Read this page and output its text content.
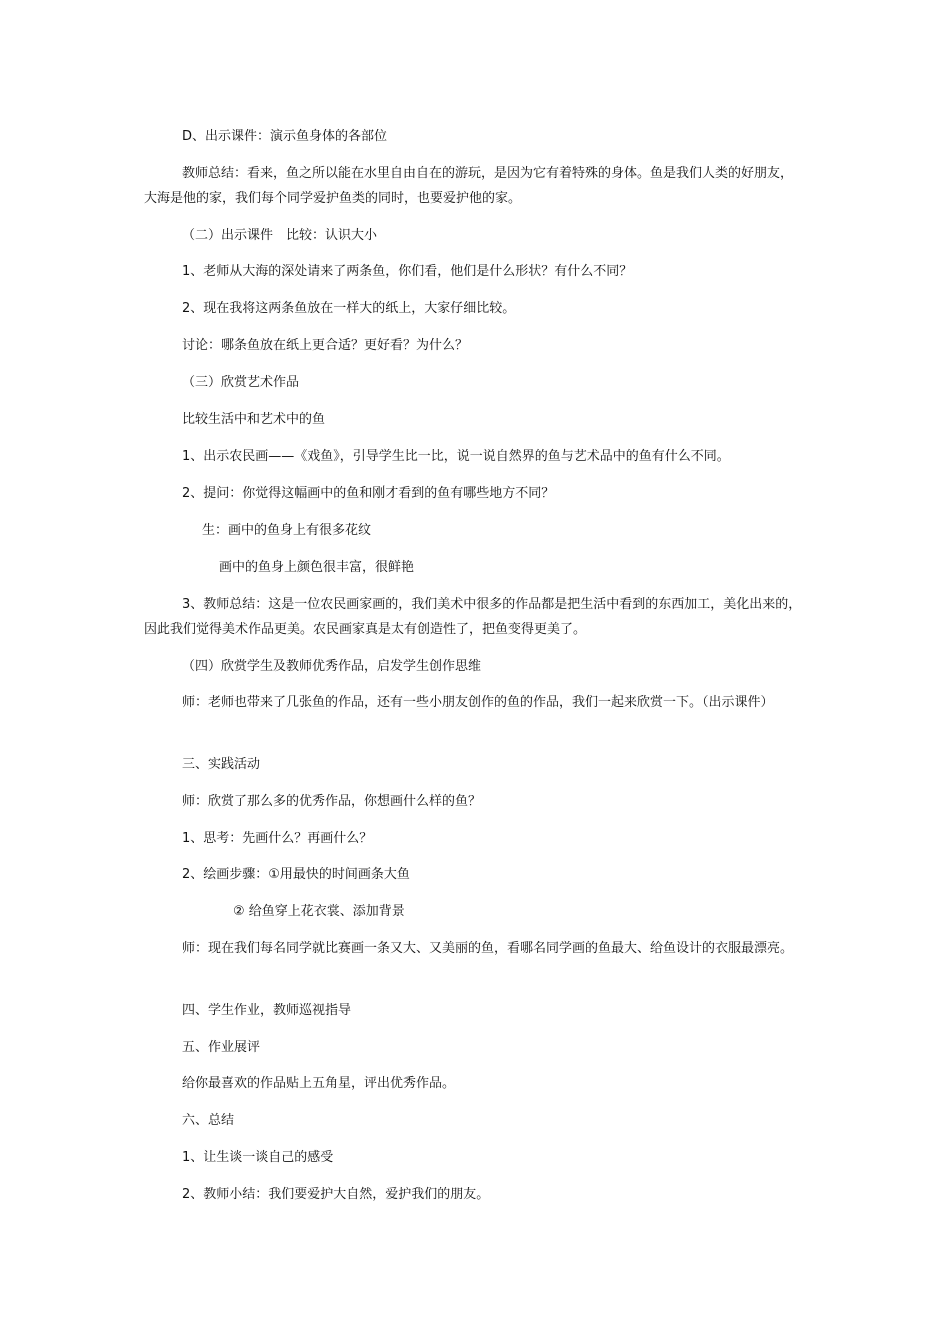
D、出示课件：演示鱼身体的各部位

教师总结：看来，鱼之所以能在水里自由自在的游玩，是因为它有着特殊的身体。鱼是我们人类的好朋友，大海是他的家，我们每个同学爱护鱼类的同时，也要爱护他的家。

（二）出示课件　比较：认识大小

1、老师从大海的深处请来了两条鱼，你们看，他们是什么形状？有什么不同？

2、现在我将这两条鱼放在一样大的纸上，大家仔细比较。

讨论：哪条鱼放在纸上更合适？更好看？为什么？

（三）欣赏艺术作品

比较生活中和艺术中的鱼

1、出示农民画——《戏鱼》，引导学生比一比，说一说自然界的鱼与艺术品中的鱼有什么不同。

2、提问：你觉得这幅画中的鱼和刚才看到的鱼有哪些地方不同？

生：画中的鱼身上有很多花纹

画中的鱼身上颜色很丰富，很鲜艳

3、教师总结：这是一位农民画家画的，我们美术中很多的作品都是把生活中看到的东西加工，美化出来的，因此我们觉得美术作品更美。农民画家真是太有创造性了，把鱼变得更美了。

（四）欣赏学生及教师优秀作品，启发学生创作思维

师：老师也带来了几张鱼的作品，还有一些小朋友创作的鱼的作品，我们一起来欣赏一下。（出示课件）

三、实践活动

师：欣赏了那么多的优秀作品，你想画什么样的鱼？

1、思考：先画什么？再画什么？

2、绘画步骤：①用最快的时间画条大鱼

② 给鱼穿上花衣裳、添加背景

师：现在我们每名同学就比赛画一条又大、又美丽的鱼，看哪名同学画的鱼最大、给鱼设计的衣服最漂亮。

四、学生作业，教师巡视指导

五、作业展评

给你最喜欢的作品贴上五角星，评出优秀作品。

六、总结

1、让生谈一谈自己的感受

2、教师小结：我们要爱护大自然，爱护我们的朋友。
